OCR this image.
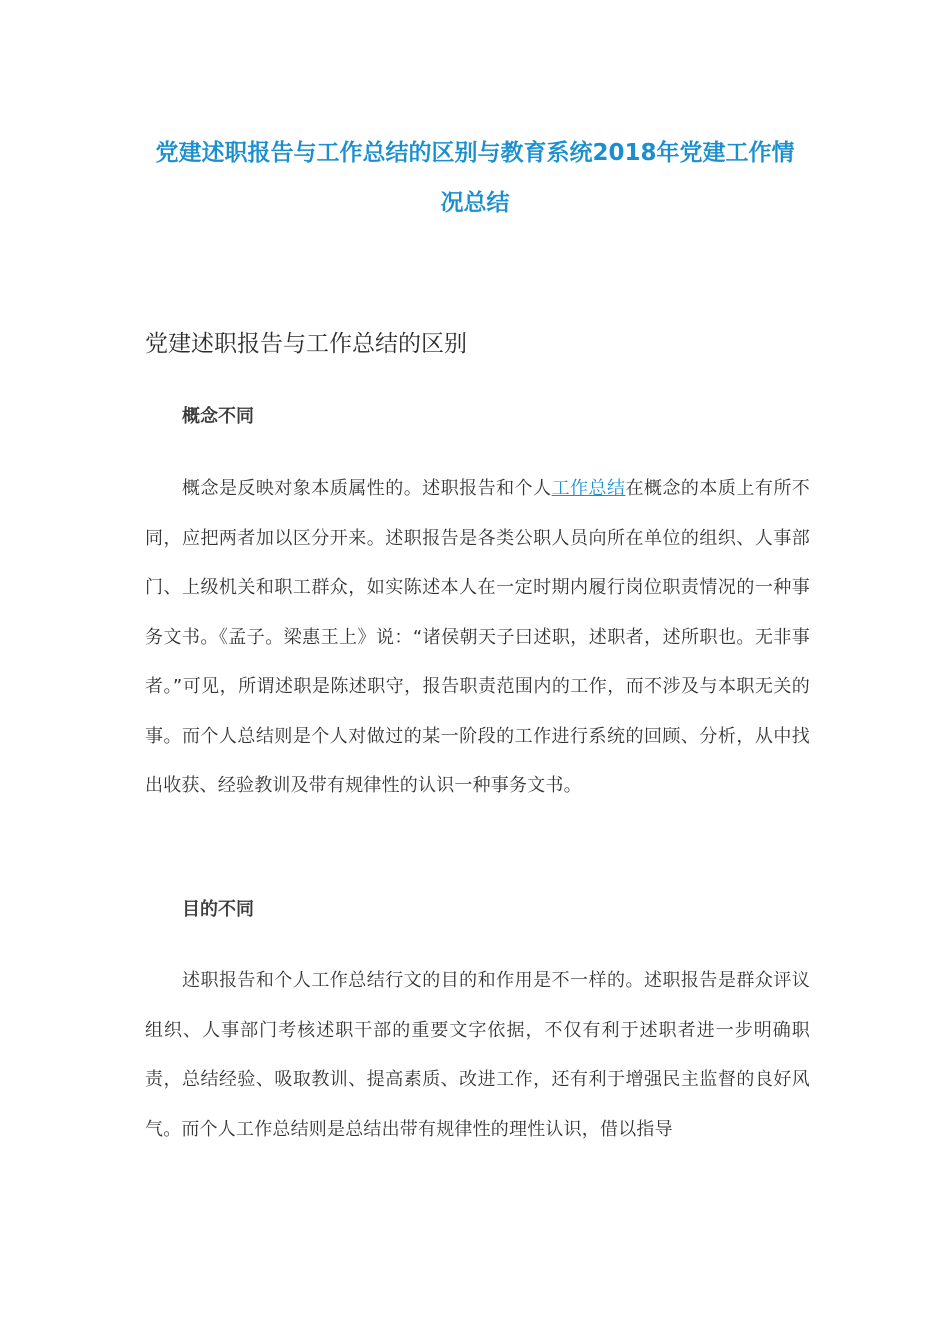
党建述职报告与工作总结的区别与教育系统2018年党建工作情况总结
党建述职报告与工作总结的区别
概念不同

概念是反映对象本质属性的。述职报告和个人工作总结在概念的本质上有所不同，应把两者加以区分开来。述职报告是各类公职人员向所在单位的组织、人事部门、上级机关和职工群众，如实陈述本人在一定时期内履行岗位职责情况的一种事务文书。《孟子。梁惠王上》说：“诸侯朝天子曰述职，述职者，述所职也。无非事者。”可见，所谓述职是陈述职守，报告职责范围内的工作，而不涉及与本职无关的事。而个人总结则是个人对做过的某一阶段的工作进行系统的回顾、分析，从中找出收获、经验教训及带有规律性的认识一种事务文书。

目的不同

述职报告和个人工作总结行文的目的和作用是不一样的。述职报告是群众评议组织、人事部门考核述职干部的重要文字依据，不仅有利于述职者进一步明确职责，总结经验、吸取教训、提高素质、改进工作，还有利于增强民主监督的良好风气。而个人工作总结则是总结出带有规律性的理性认识，借以指导
